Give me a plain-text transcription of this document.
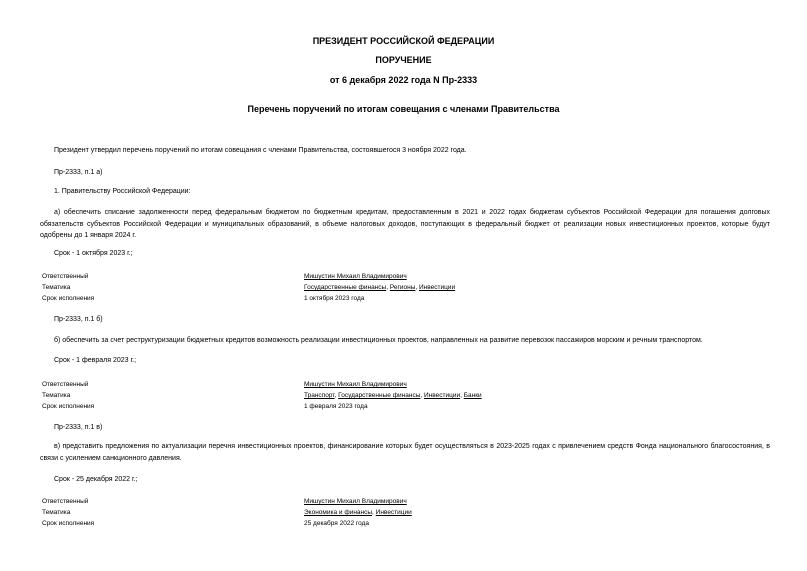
ПРЕЗИДЕНТ РОССИЙСКОЙ ФЕДЕРАЦИИ
ПОРУЧЕНИЕ
от 6 декабря 2022 года N Пр-2333
Перечень поручений по итогам совещания с членами Правительства
Президент утвердил перечень поручений по итогам совещания с членами Правительства, состоявшегося 3 ноября 2022 года.
Пр-2333, п.1 а)
1. Правительству Российской Федерации:
а) обеспечить списание задолженности перед федеральным бюджетом по бюджетным кредитам, предоставленным в 2021 и 2022 годах бюджетам субъектов Российской Федерации для погашения долговых обязательств субъектов Российской Федерации и муниципальных образований, в объеме налоговых доходов, поступающих в федеральный бюджет от реализации новых инвестиционных проектов, которые будут одобрены до 1 января 2024 г.
Срок - 1 октября 2023 г.;
Ответственный	Мишустин Михаил Владимирович
Тематика	Государственные финансы, Регионы, Инвестиции
Срок исполнения	1 октября 2023 года
Пр-2333, п.1 б)
б) обеспечить за счет реструктуризации бюджетных кредитов возможность реализации инвестиционных проектов, направленных на развитие перевозок пассажиров морским и речным транспортом.
Срок - 1 февраля 2023 г.;
Ответственный	Мишустин Михаил Владимирович
Тематика	Транспорт, Государственные финансы, Инвестиции, Банки
Срок исполнения	1 февраля 2023 года
Пр-2333, п.1 в)
в) представить предложения по актуализации перечня инвестиционных проектов, финансирование которых будет осуществляться в 2023-2025 годах с привлечением средств Фонда национального благосостояния, в связи с усилением санкционного давления.
Срок - 25 декабря 2022 г.;
Ответственный	Мишустин Михаил Владимирович
Тематика	Экономика и финансы, Инвестиции
Срок исполнения	25 декабря 2022 года
